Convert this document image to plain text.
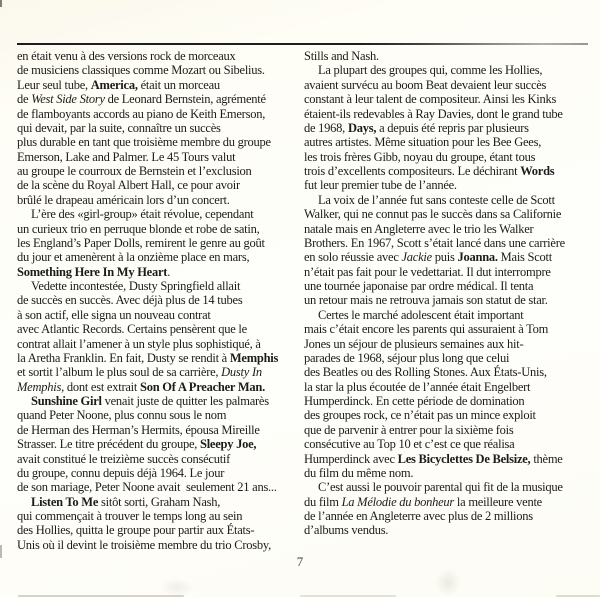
en était venu à des versions rock de morceaux
de musiciens classiques comme Mozart ou Sibelius.
Leur seul tube, America, était un morceau
de West Side Story de Leonard Bernstein, agrémenté
de flamboyants accords au piano de Keith Emerson,
qui devait, par la suite, connaître un succès
plus durable en tant que troisième membre du groupe
Emerson, Lake and Palmer. Le 45 Tours valut
au groupe le courroux de Bernstein et l’exclusion
de la scène du Royal Albert Hall, ce pour avoir
brûlé le drapeau américain lors d’un concert.
L’ère des «girl-group» était révolue, cependant
un curieux trio en perruque blonde et robe de satin,
les England’s Paper Dolls, remirent le genre au goût
du jour et amenèrent à la onzième place en mars,
Something Here In My Heart.
Vedette incontestée, Dusty Springfield allait
de succès en succès. Avec déjà plus de 14 tubes
à son actif, elle signa un nouveau contrat
avec Atlantic Records. Certains pensèrent que le
contrat allait l’amener à un style plus sophistiqué, à
la Aretha Franklin. En fait, Dusty se rendit à Memphis
et sortit l’album le plus soul de sa carrière, Dusty In
Memphis, dont est extrait Son Of A Preacher Man.
Sunshine Girl venait juste de quitter les palmarès
quand Peter Noone, plus connu sous le nom
de Herman des Herman’s Hermits, épousa Mireille
Strasser. Le titre précédent du groupe, Sleepy Joe,
avait constitué le treizième succès consécutif
du groupe, connu depuis déjà 1964. Le jour
de son mariage, Peter Noone avait  seulement 21 ans...
Listen To Me sitôt sorti, Graham Nash,
qui commençait à trouver le temps long au sein
des Hollies, quitta le groupe pour partir aux États-
Unis où il devint le troisième membre du trio Crosby,
Stills and Nash.
La plupart des groupes qui, comme les Hollies,
avaient survécu au boom Beat devaient leur succès
constant à leur talent de compositeur. Ainsi les Kinks
étaient-ils redevables à Ray Davies, dont le grand tube
de 1968, Days, a depuis été repris par plusieurs
autres artistes. Même situation pour les Bee Gees,
les trois frères Gibb, noyau du groupe, étant tous
trois d’excellents compositeurs. Le déchirant Words
fut leur premier tube de l’année.
La voix de l’année fut sans conteste celle de Scott
Walker, qui ne connut pas le succès dans sa Californie
natale mais en Angleterre avec le trio les Walker
Brothers. En 1967, Scott s’était lancé dans une carrière
en solo réussie avec Jackie puis Joanna. Mais Scott
n’était pas fait pour le vedettariat. Il dut interrompre
une tournée japonaise par ordre médical. Il tenta
un retour mais ne retrouva jamais son statut de star.
Certes le marché adolescent était important
mais c’était encore les parents qui assuraient à Tom
Jones un séjour de plusieurs semaines aux hit-
parades de 1968, séjour plus long que celui
des Beatles ou des Rolling Stones. Aux États-Unis,
la star la plus écoutée de l’année était Engelbert
Humperdinck. En cette période de domination
des groupes rock, ce n’était pas un mince exploit
que de parvenir à entrer pour la sixième fois
consécutive au Top 10 et c’est ce que réalisa
Humperdinck avec Les Bicyclettes De Belsize, thème
du film du même nom.
C’est aussi le pouvoir parental qui fit de la musique
du film La Mélodie du bonheur la meilleure vente
de l’année en Angleterre avec plus de 2 millions
d’albums vendus.
7
